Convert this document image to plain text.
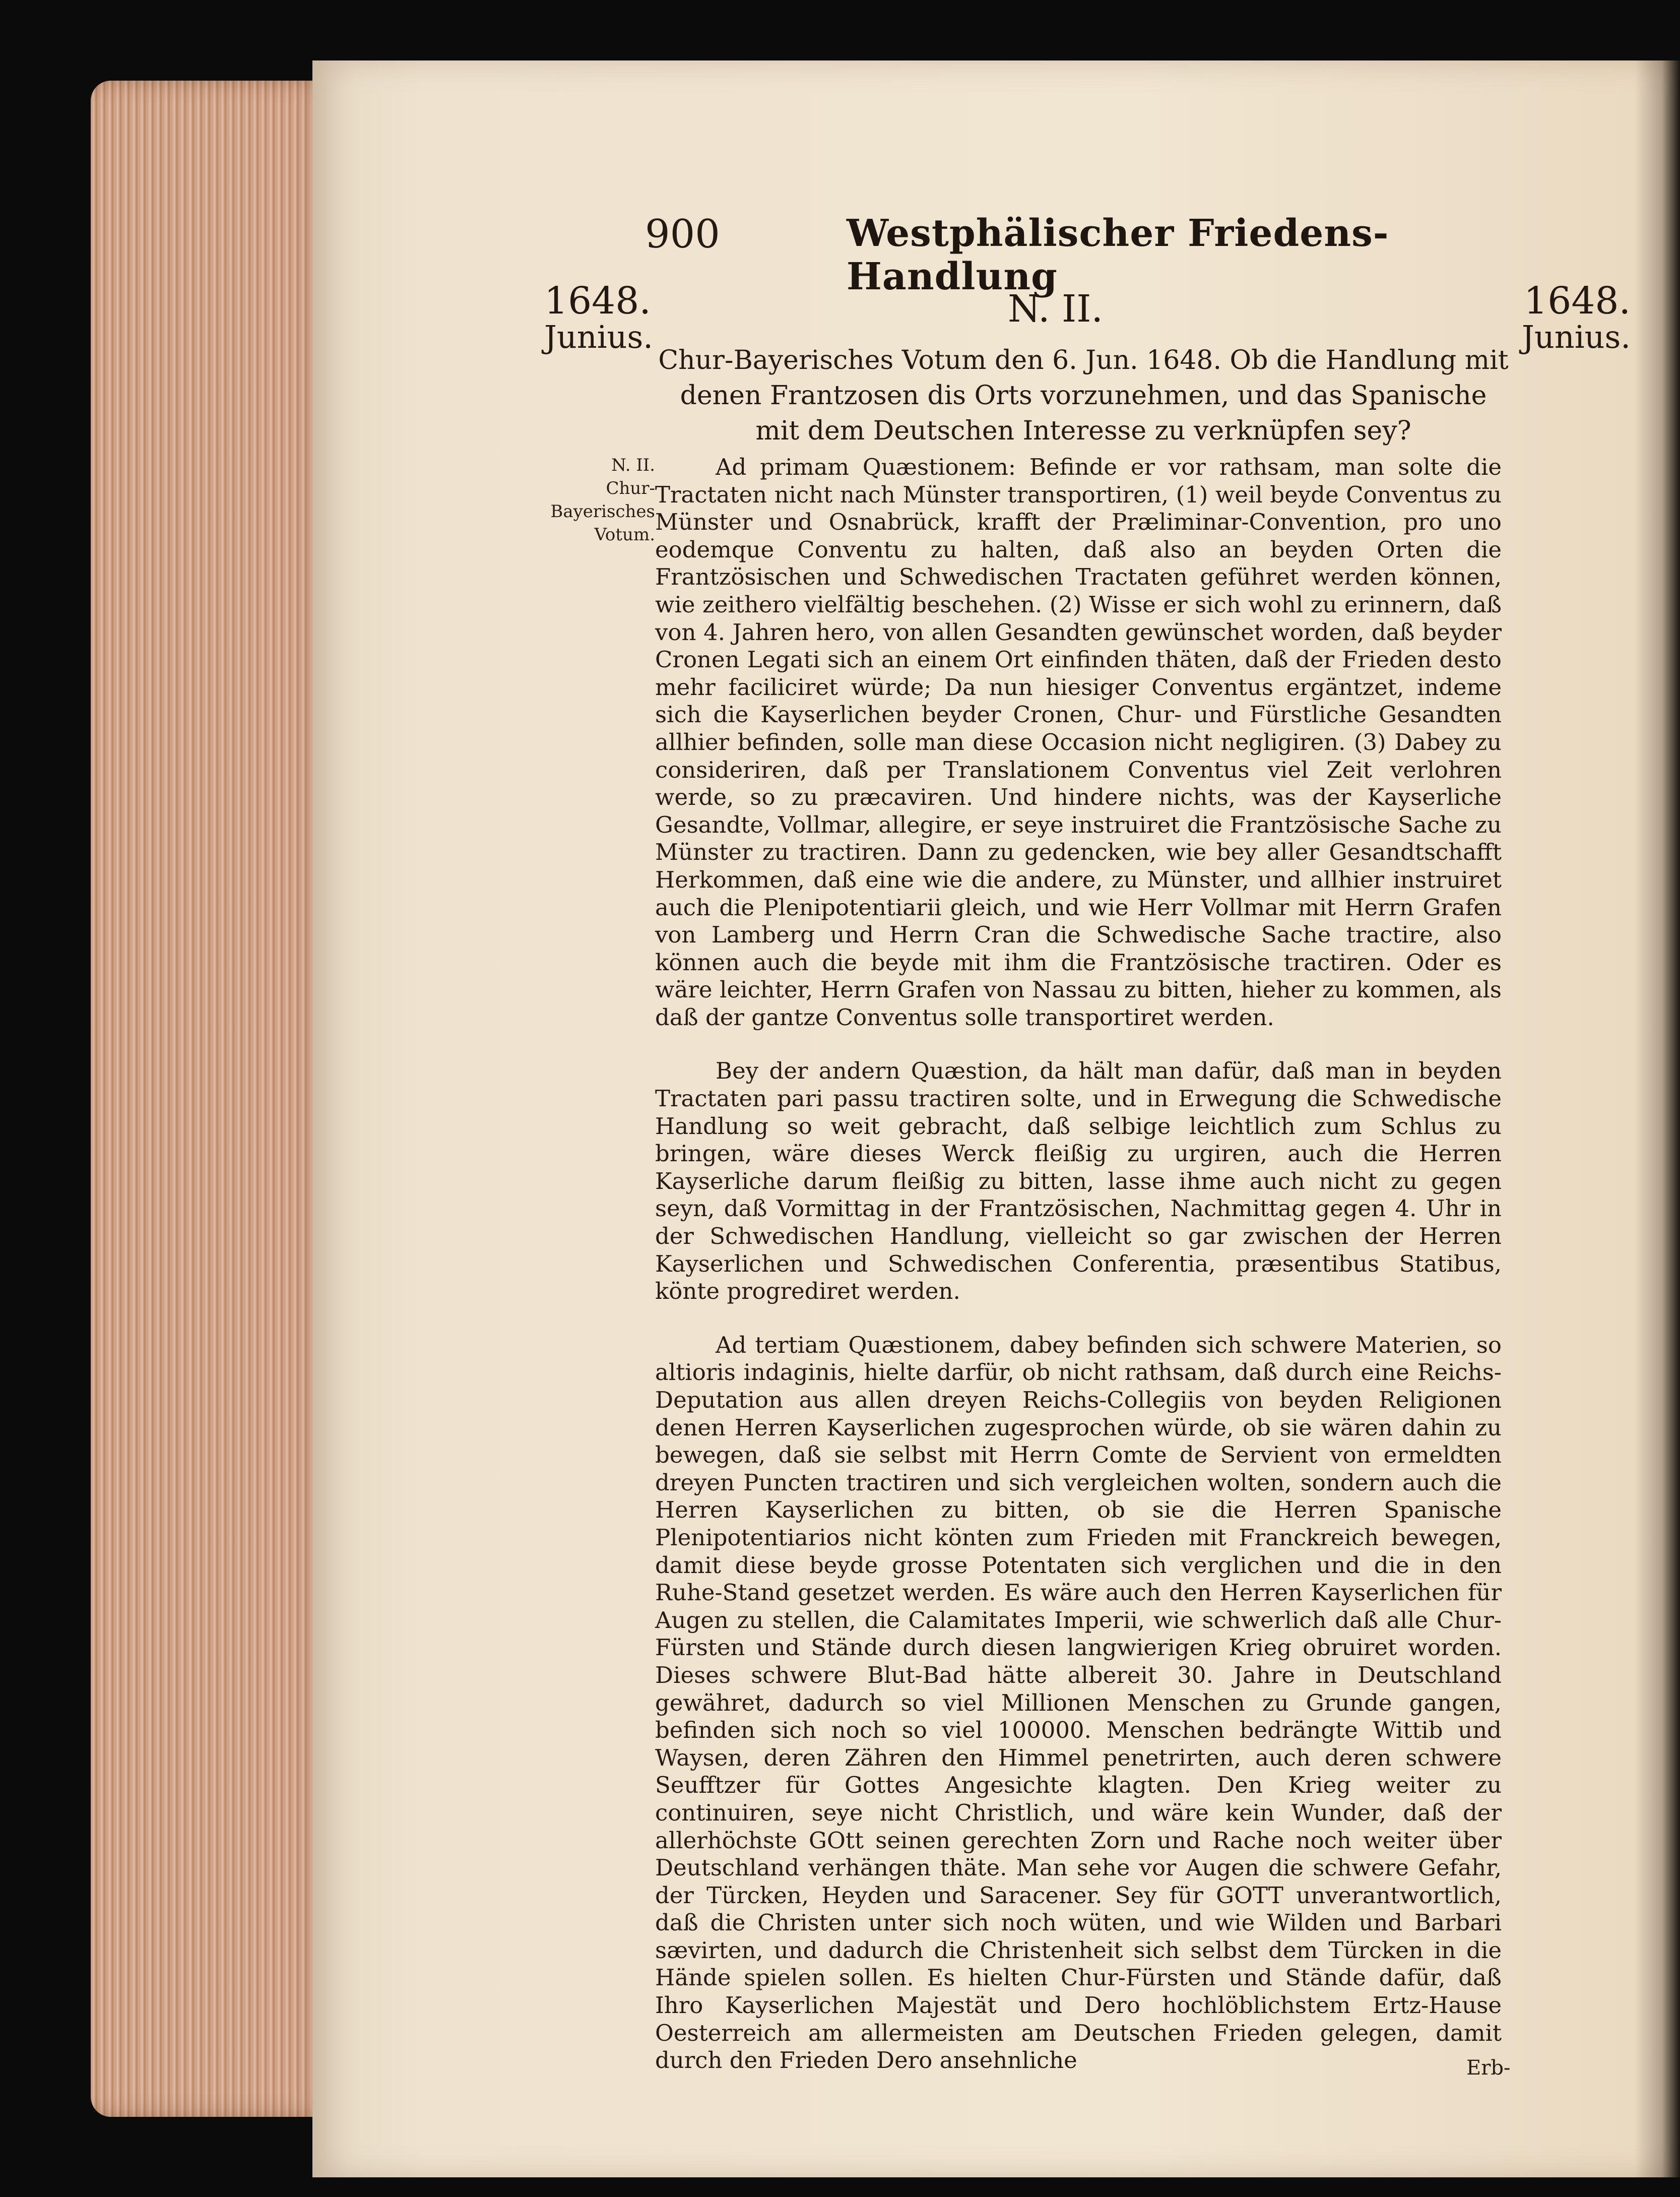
900	Westphälischer Friedens-Handlung
1648.
Junius.
N. II.	1648.
Junius.
Chur-Bayerisches Votum den 6. Jun. 1648. Ob die Handlung mit denen Frantzosen dis Orts vorzunehmen, und das Spanische mit dem Deutschen Interesse zu verknüpfen sey?
N. II.
Chur-Bayerisches Votum.

Ad primam Quæstionem: Befinde er vor rathsam, man solte die Tractaten nicht nach Münster transportiren, (1) weil beyde Conventus zu Münster und Osnabrück, krafft der Præliminar-Convention, pro uno eodemque Conventu zu halten, daß also an beyden Orten die Frantzösischen und Schwedischen Tractaten geführet werden können, wie zeithero vielfältig beschehen. (2) Wisse er sich wohl zu erinnern, daß von 4. Jahren hero, von allen Gesandten gewünschet worden, daß beyder Cronen Legati sich an einem Ort einfinden thäten, daß der Frieden desto mehr faciliciret würde; Da nun hiesiger Conventus ergäntzet, indeme sich die Kayserlichen beyder Cronen, Chur- und Fürstliche Gesandten allhier befinden, solle man diese Occasion nicht negligiren. (3) Dabey zu consideriren, daß per Translationem Conventus viel Zeit verlohren werde, so zu præcaviren. Und hindere nichts, was der Kayserliche Gesandte, Vollmar, allegire, er seye instruiret die Frantzösische Sache zu Münster zu tractiren. Dann zu gedencken, wie bey aller Gesandtschafft Herkommen, daß eine wie die andere, zu Münster, und allhier instruiret auch die Plenipotentiarii gleich, und wie Herr Vollmar mit Herrn Grafen von Lamberg und Herrn Cran die Schwedische Sache tractire, also können auch die beyde mit ihm die Frantzösische tractiren. Oder es wäre leichter, Herrn Grafen von Nassau zu bitten, hieher zu kommen, als daß der gantze Conventus solle transportiret werden.

Bey der andern Quæstion, da hält man dafür, daß man in beyden Tractaten pari passu tractiren solte, und in Erwegung die Schwedische Handlung so weit gebracht, daß selbige leichtlich zum Schlus zu bringen, wäre dieses Werck fleißig zu urgiren, auch die Herren Kayserliche darum fleißig zu bitten, lasse ihme auch nicht zu gegen seyn, daß Vormittag in der Frantzösischen, Nachmittag gegen 4. Uhr in der Schwedischen Handlung, vielleicht so gar zwischen der Herren Kayserlichen und Schwedischen Conferentia, præsentibus Statibus, könte progrediret werden.

Ad tertiam Quæstionem, dabey befinden sich schwere Materien, so altioris indaginis, hielte darfür, ob nicht rathsam, daß durch eine Reichs-Deputation aus allen dreyen Reichs-Collegiis von beyden Religionen denen Herren Kayserlichen zugesprochen würde, ob sie wären dahin zu bewegen, daß sie selbst mit Herrn Comte de Servient von ermeldten dreyen Puncten tractiren und sich vergleichen wolten, sondern auch die Herren Kayserlichen zu bitten, ob sie die Herren Spanische Plenipotentiarios nicht könten zum Frieden mit Franckreich bewegen, damit diese beyde grosse Potentaten sich verglichen und die in den Ruhe-Stand gesetzet werden. Es wäre auch den Herren Kayserlichen für Augen zu stellen, die Calamitates Imperii, wie schwerlich daß alle Chur-Fürsten und Stände durch diesen langwierigen Krieg obruiret worden. Dieses schwere Blut-Bad hätte albereit 30. Jahre in Deutschland gewähret, dadurch so viel Millionen Menschen zu Grunde gangen, befinden sich noch so viel 100000. Menschen bedrängte Wittib und Waysen, deren Zähren den Himmel penetrirten, auch deren schwere Seufftzer für Gottes Angesichte klagten. Den Krieg weiter zu continuiren, seye nicht Christlich, und wäre kein Wunder, daß der allerhöchste GOtt seinen gerechten Zorn und Rache noch weiter über Deutschland verhängen thäte. Man sehe vor Augen die schwere Gefahr, der Türcken, Heyden und Saracener. Sey für GOTT unverantwortlich, daß die Christen unter sich noch wüten, und wie Wilden und Barbari sævirten, und dadurch die Christenheit sich selbst dem Türcken in die Hände spielen sollen. Es hielten Chur-Fürsten und Stände dafür, daß Ihro Kayserlichen Majestät und Dero hochlöblichstem Ertz-Hause Oesterreich am allermeisten am Deutschen Frieden gelegen, damit durch den Frieden Dero ansehnliche	Erb-
